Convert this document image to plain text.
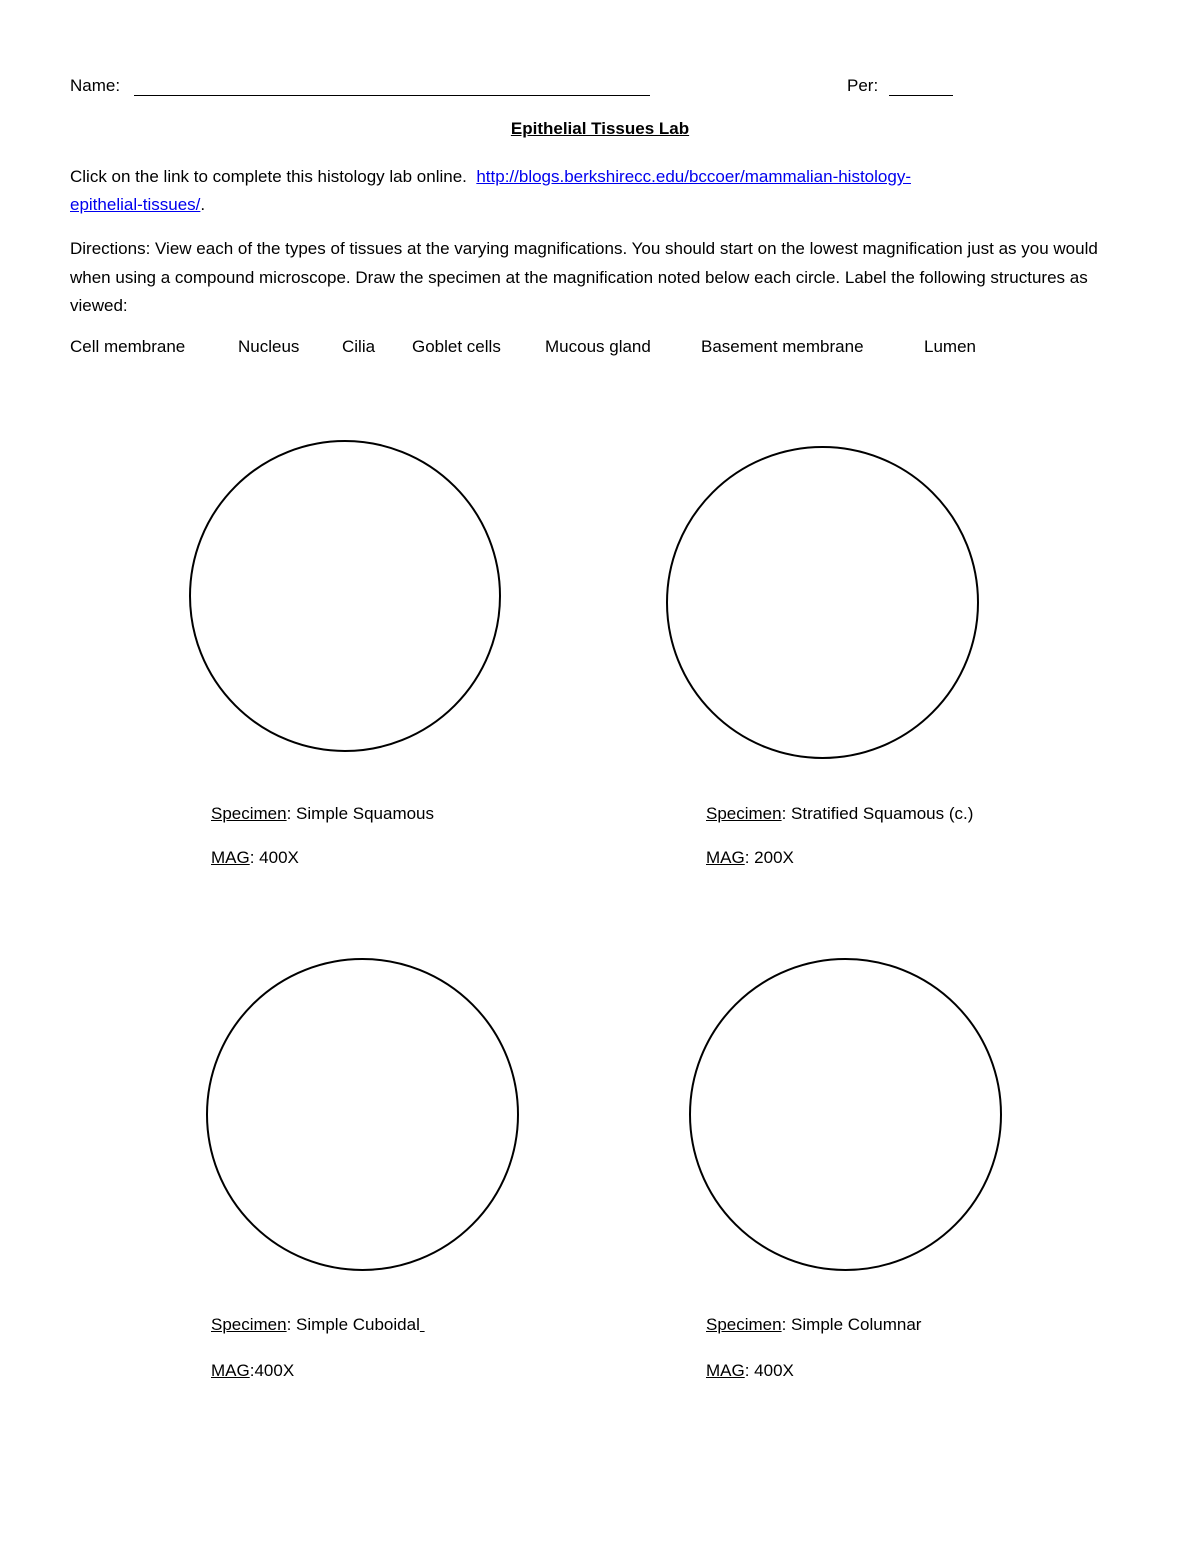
Name:	Per:
Epithelial Tissues Lab
Click on the link to complete this histology lab online. http://blogs.berkshirecc.edu/bccoer/mammalian-histology-
epithelial-tissues/.
Directions: View each of the types of tissues at the varying magnifications. You should start on the lowest magnification just as you would when using a compound microscope. Draw the specimen at the magnification noted below each circle. Label the following structures as viewed:
Cell membrane	Nucleus	Cilia Goblet cells	Mucous gland	Basement membrane	Lumen
Specimen: Simple Squamous
MAG: 400X
Specimen: Stratified Squamous (c.)
MAG: 200X
Specimen: Simple Cuboidal
MAG:400X
Specimen: Simple Columnar
MAG: 400X
